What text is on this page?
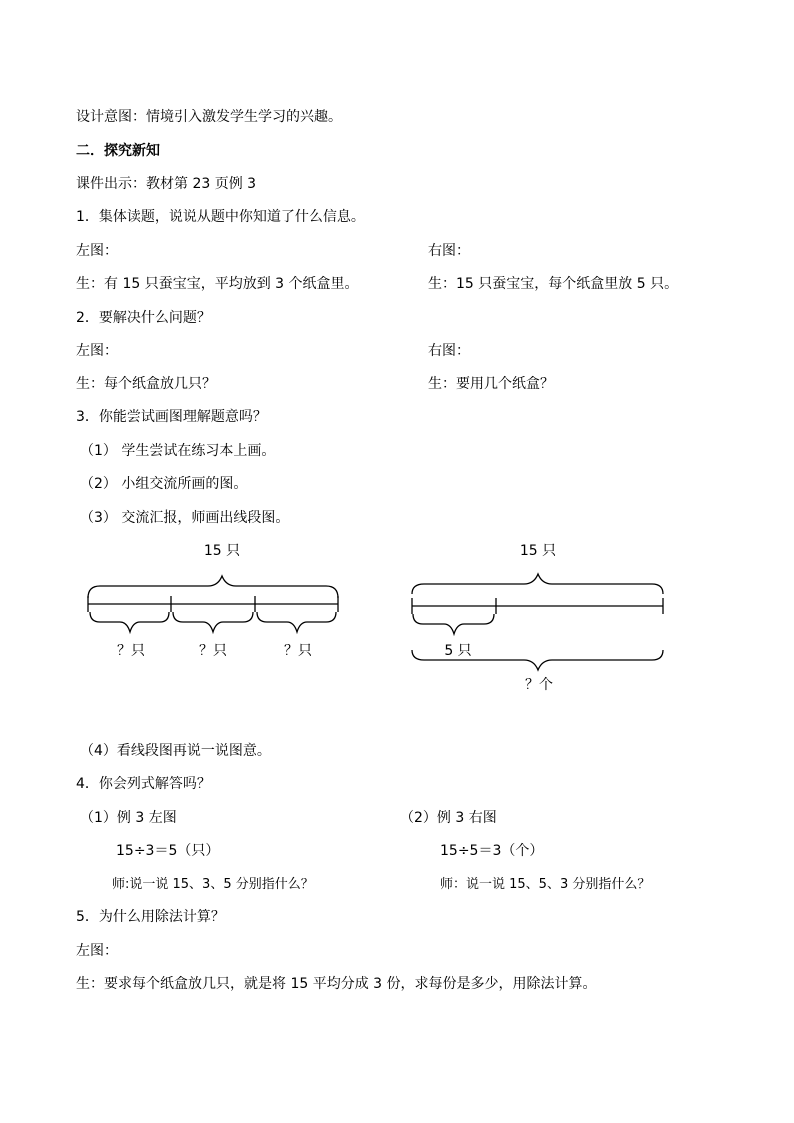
设计意图：情境引入激发学生学习的兴趣。
二．探究新知
课件出示：教材第 23 页例 3
1．集体读题，说说从题中你知道了什么信息。
左图：	右图：
生：有 15 只蚕宝宝，平均放到 3 个纸盒里。	生：15 只蚕宝宝，每个纸盒里放 5 只。
2．要解决什么问题？
左图：	右图：
生：每个纸盒放几只？	生：要用几个纸盒？
3．你能尝试画图理解题意吗？
（1） 学生尝试在练习本上画。
（2） 小组交流所画的图。
（3） 交流汇报，师画出线段图。
15 只
？只	？只	？只
15 只
5 只
？个
（4）看线段图再说一说图意。
4．你会列式解答吗？
（1）例 3 左图	（2）例 3 右图
15÷3＝5（只）	15÷5＝3（个）
师:说一说 15、3、5 分别指什么？	师：说一说 15、5、3 分别指什么？
5．为什么用除法计算？
左图：
生：要求每个纸盒放几只，就是将 15 平均分成 3 份，求每份是多少，用除法计算。
